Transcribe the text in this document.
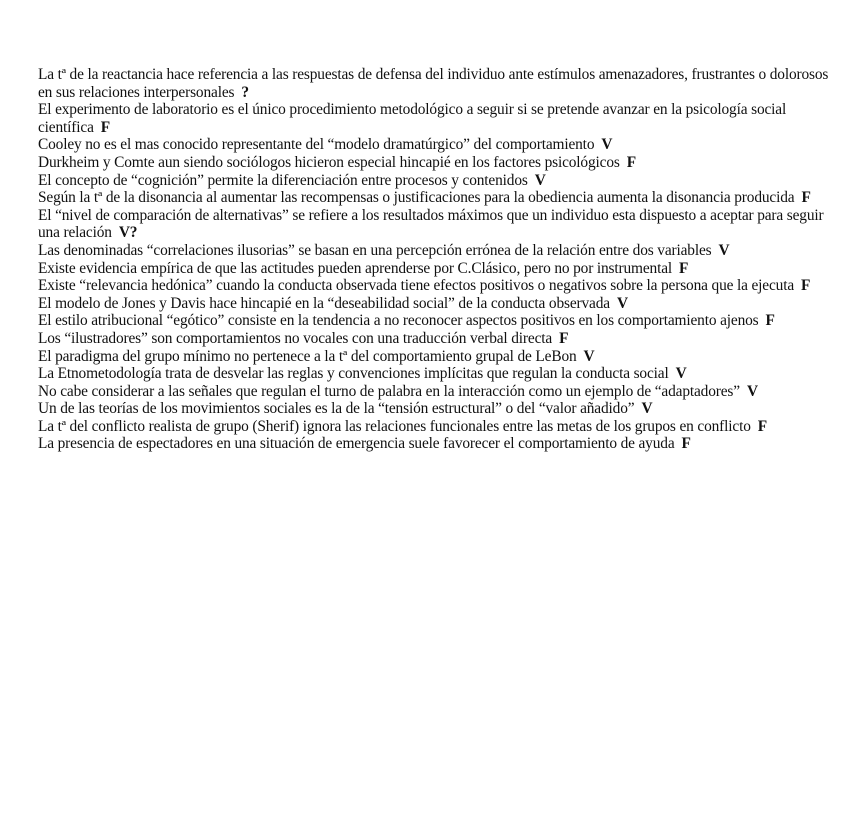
La tª de la reactancia hace referencia a las respuestas de defensa del individuo ante estímulos amenazadores, frustrantes o dolorosos en sus relaciones interpersonales ?

El experimento de laboratorio es el único procedimiento metodológico a seguir si se pretende avanzar en la psicología social científica F

Cooley no es el mas conocido representante del “modelo dramatúrgico” del comportamiento V

Durkheim y Comte aun siendo sociólogos hicieron especial hincapié en los factores psicológicos F

El concepto de “cognición” permite la diferenciación entre procesos y contenidos V

Según la tª de la disonancia al aumentar las recompensas o justificaciones para la obediencia aumenta la disonancia producida F

El “nivel de comparación de alternativas” se refiere a los resultados máximos que un individuo esta dispuesto a aceptar para seguir una relación V?

Las denominadas “correlaciones ilusorias” se basan en una percepción errónea de la relación entre dos variables V

Existe evidencia empírica de que las actitudes pueden aprenderse por C.Clásico, pero no por instrumental F

Existe “relevancia hedónica” cuando la conducta observada tiene efectos positivos o negativos sobre la persona que la ejecuta F

El modelo de Jones y Davis hace hincapié en la “deseabilidad social” de la conducta observada V

El estilo atribucional “egótico” consiste en la tendencia a no reconocer aspectos positivos en los comportamiento ajenos F

Los “ilustradores” son comportamientos no vocales con una traducción verbal directa F

El paradigma del grupo mínimo no pertenece a la tª del comportamiento grupal de LeBon V

La Etnometodología trata de desvelar las reglas y convenciones implícitas que regulan la conducta social V

No cabe considerar a las señales que regulan el turno de palabra en la interacción como un ejemplo de “adaptadores” V

Un de las teorías de los movimientos sociales es la de la “tensión estructural” o del “valor añadido” V

La tª del conflicto realista de grupo (Sherif) ignora las relaciones funcionales entre las metas de los grupos en conflicto F

La presencia de espectadores en una situación de emergencia suele favorecer el comportamiento de ayuda F
